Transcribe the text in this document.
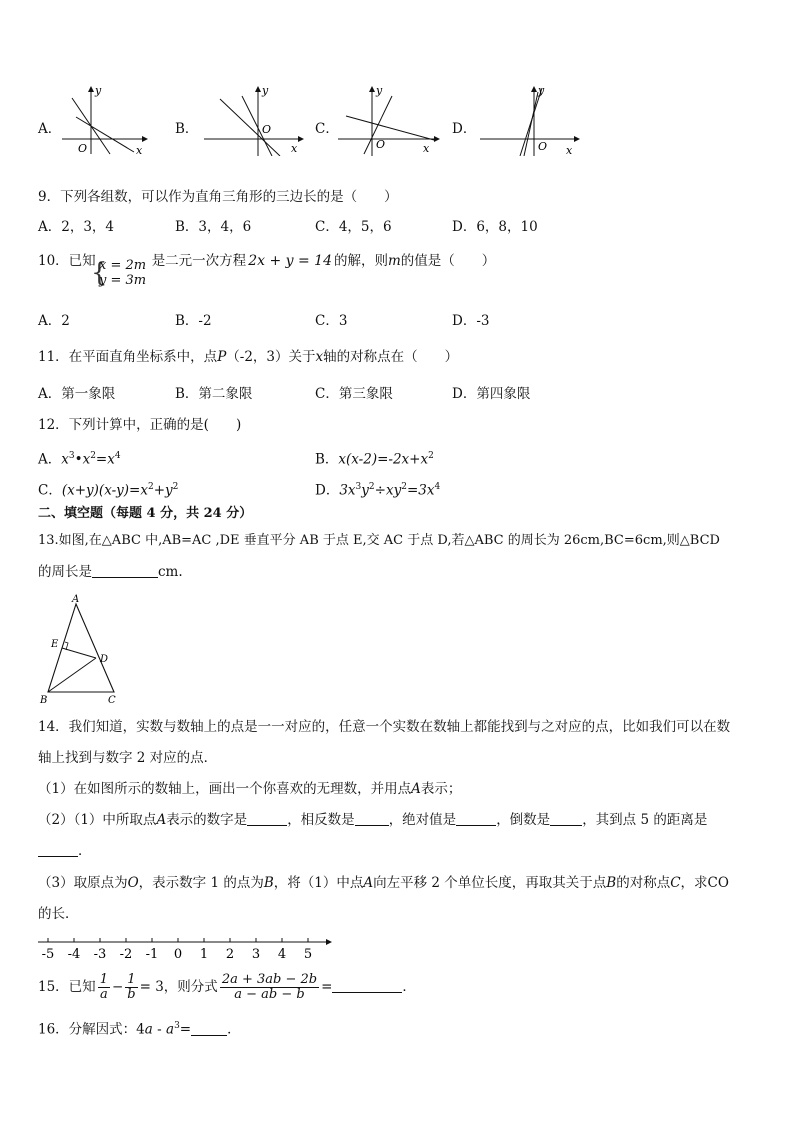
A．
y
x
O
B．
y
x
O	C．
y
x
O
D．
y
x
O
9．下列各组数，可以作为直角三角形的三边长的是（　　）
A．2，3，4	B．3，4，6	C．4，5，6	D．6，8，10
10．已知	是二元一次方程 2x + y = 14 的解，则m的值是（　　）
{
x = 2m
y = 3m
A．2	B．-2	C．3	D．-3
11．在平面直角坐标系中，点P（-2，3）关于x轴的对称点在（　　）
A．第一象限	B．第二象限	C．第三象限	D．第四象限
12．下列计算中，正确的是(　　)
A．$x^3•x^2=x^4$	B．$x(x-2)=-2x+x^2$
C．$(x+y)(x-y)=x^2+y^2$	D．$3x^3y^2\div xy^2=3x^4$
二、填空题（每题 4 分，共 24 分）
13.如图,在△ABC 中,AB=AC ,DE 垂直平分 AB 于点 E,交 AC 于点 D,若△ABC 的周长为 26cm,BC=6cm,则△BCD
的周长是	cm.
A
B	C
D
E
14．我们知道，实数与数轴上的点是一一对应的，任意一个实数在数轴上都能找到与之对应的点，比如我们可以在数
轴上找到与数字 2 对应的点．
（1）在如图所示的数轴上，画出一个你喜欢的无理数，并用点A表示；
（2）（1）中所取点A表示的数字是	，相反数是	，绝对值是	，倒数是 ，其到点 5 的距离是
．
（3）取原点为O，表示数字 1 的点为B，将（1）中点A向左平移 2 个单位长度，再取其关于点B的对称点C，求CO
的长．
-5 -4 -3 -2 -1 0 1 2 3 4 5
15．已知 $\frac{1}{a} - \frac{1}{b} = 3$，则分式 $\frac{2a + 3ab - 2b}{a - ab - b}$ =	．
16．分解因式：$4a - a^3=$	．
